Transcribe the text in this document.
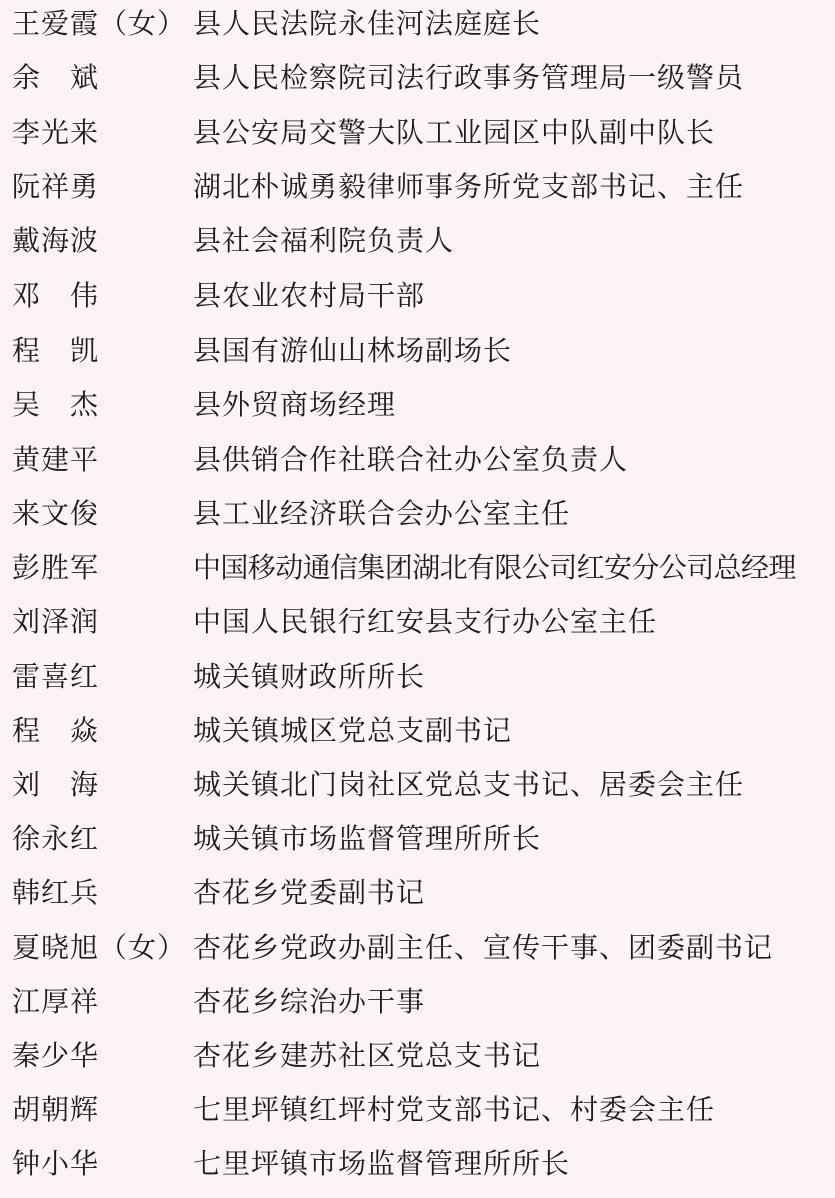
王爱霞（女） 县人民法院永佳河法庭庭长
余　斌	县人民检察院司法行政事务管理局一级警员
李光来	县公安局交警大队工业园区中队副中队长
阮祥勇	湖北朴诚勇毅律师事务所党支部书记、主任
戴海波	县社会福利院负责人
邓　伟	县农业农村局干部
程　凯	县国有游仙山林场副场长
吴　杰	县外贸商场经理
黄建平	县供销合作社联合社办公室负责人
来文俊	县工业经济联合会办公室主任
彭胜军	中国移动通信集团湖北有限公司红安分公司总经理
刘泽润	中国人民银行红安县支行办公室主任
雷喜红	城关镇财政所所长
程　焱	城关镇城区党总支副书记
刘　海	城关镇北门岗社区党总支书记、居委会主任
徐永红	城关镇市场监督管理所所长
韩红兵	杏花乡党委副书记
夏晓旭（女） 杏花乡党政办副主任、宣传干事、团委副书记
江厚祥	杏花乡综治办干事
秦少华	杏花乡建苏社区党总支书记
胡朝辉	七里坪镇红坪村党支部书记、村委会主任
钟小华	七里坪镇市场监督管理所所长
